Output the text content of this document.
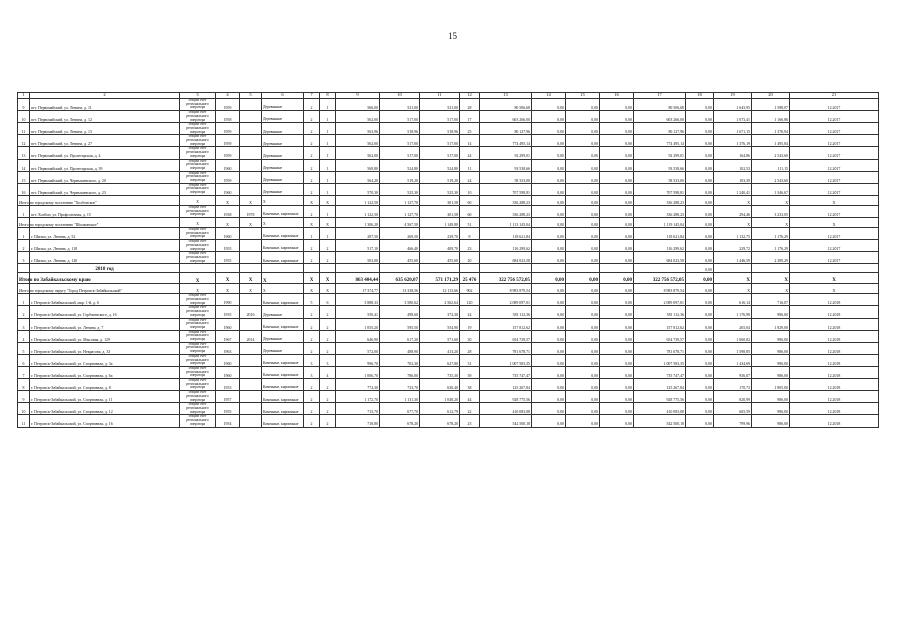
15
1	2	3	4	5	6	7	8	9	10	11	12	13	14	15	16	17	18	19	20	21
9	пгт. Первомайский, ул. Ленина, д. 11	общий счет регионального оператора	1959		Деревянные	2	1	566,00	521,00	521,00	28	80 506,68	0,00	0,00	0,00	80 506,68	0,00	1 643,95	1 588,07	12.2017
10	пгт. Первомайский, ул. Ленина, д. 12	общий счет регионального оператора	1958		Деревянные	2	1	562,00	517,00	517,00	17	603 266,00	0,00	0,00	0,00	603 266,00	0,00	1 073,41	1 166,86	12.2017
11	пгт. Первомайский, ул. Ленина, д. 13	общий счет регионального оператора	1959		Деревянные	2	1	563,96	518,96	518,96	25	80 127,96	0,00	0,00	0,00	80 127,96	0,00	1 671,15	1 376,94	12.2017
12	пгт. Первомайский, ул. Ленина, д. 27	общий счет регионального оператора	1959		Деревянные	2	1	562,00	517,00	517,00	14	774 495,14	0,00	0,00	0,00	774 495,14	0,00	1 376,19	1 495,84	12.2017
13	пгт. Первомайский, ул. Пролетарская, д. 4	общий счет регионального оператора	1959		Деревянные	2	1	562,00	517,00	517,00	24	92 299,01	0,00	0,00	0,00	92 299,01	0,00	164,86	2 543,60	12.2017
14	пгт. Первомайский, ул. Пролетарская, д. 39	общий счет регионального оператора	1960		Деревянные	2	1	569,80	524,80	524,80	11	93 538,66	0,00	0,00	0,00	93 538,66	0,00	102,53	111,15	12.2017
15	пгт. Первомайский, ул. Чернышевского, д. 20	общий счет регионального оператора	1959		Деревянные	2	1	564,20	519,20	519,20	24	58 333,00	0,00	0,00	0,00	58 333,00	0,00	103,39	2 543,60	12.2017
16	пгт. Первомайский, ул. Чернышевского, д. 23	общий счет регионального оператора	1960		Деревянные	2	1	570,30	525,30	525,30	10	707 598,81	0,00	0,00	0,00	707 598,81	0,00	1 240,41	1 346,67	12.2017
Итого по городскому поселению "Холбонское"		X	X	X	X	X	X	1 122,50	1 127,70	301,58	60	336 288,23	0,00	0,00	0,00	336 288,23	0,00	X	X	X
1	пгт. Холбон, ул. Профсоюзная, д. 15	общий счет регионального оператора	1938	1978	Каменные, кирпичные	2	1	1 122,50	1 127,70	301,58	60	336 288,23	0,00	0,00	0,00	336 288,23	0,00	294,46	3 233,05	12.2017
Итого по городскому поселению "Шилкинское"		X	X	X	X	X	X	1 306,20	4 567,50	1 149,80	51	1 113 145,04	0,00	0,00	0,00	1 119 145,04	0,00	X	X	X
1	г. Шилка, ул. Ленина, д. 52	общий счет регионального оператора	1960		Каменные, кирпичные	1	1	287,50	269,50	239,70	8	118 621,84	0,00	0,00	0,00	118 621,84	0,00	1 132,75	1 176,29	12.2017
2	г. Шилка, ул. Ленина, д. 118	общий счет регионального оператора	1955		Каменные, кирпичные	2	2	517,10	466,40	409,70	23	116 299,62	0,00	0,00	0,00	116 299,62	0,00	229,72	1 176,29	12.2017
3	г. Шилка, ул. Ленина, д. 120	общий счет регионального оператора	1955		Каменные, кирпичные	2	2	503,00	455,60	455,60	20	684 023,58	0,00	0,00	0,00	684 023,58	0,00	1 446,59	2 289,29	12.2017
	2018 год																0,00			
Итого по Забайкальскому краю		X	X	X	X	X	X	863 404,44	635 620,07	571 171,29	25 476	322 756 572,05	0,00	0,00	0,00	322 756 572,05	0,00	X	X	X
Итого по городскому округу "Город Петровск-Забайкальский"		X	X	X	X	X	X	17 374,77	13 338,56	12 113,66	902	8 983 879,54	0,00	0,00	0,00	8 983 879,54	0,00	X	X	X
1	г. Петровск-Забайкальский, мкр. 1-й, д. 6	общий счет регионального оператора	1990		Каменные, кирпичные	5	6	3 888,33	3 580,62	2 562,64	120	2 089 097,01	0,00	0,00	0,00	2 089 097,01	0,00	616,14	716,07	12.2018
2	г. Петровск-Забайкальский, ул. Горбачевского, д. 16	общий счет регионального оператора	1935	2016	Деревянные	2	2	550,41	498,60	372,30	24	581 112,36	0,00	0,00	0,00	581 112,36	0,00	1 176,98	986,00	12.2018
3	г. Петровск-Забайкальский, ул. Ленина, д. 7	общий счет регионального оператора	1960		Каменные, кирпичные	2	2	1 055,20	595,50	554,90	19	157 812,62	0,00	0,00	0,00	157 812,62	0,00	265,04	1 829,00	12.2018
4	г. Петровск-Забайкальский, ул. Мысовая, д. 129	общий счет регионального оператора	1967	2014	Деревянные	2	2	646,90	617,20	571,60	30	654 739,57	0,00	0,00	0,00	654 739,57	0,00	1 060,82	986,00	12.2018
5	г. Петровск-Забайкальский, ул. Некрасова, д. 33	общий счет регионального оператора	1963		Деревянные	2	2	572,00	488,90	413,20	28	781 678,71	0,00	0,00	0,00	781 678,71	0,00	1 598,85	986,00	12.2018
6	г. Петровск-Забайкальский, ул. Спортивная, д. 3а	общий счет регионального оператора	1960		Каменные, кирпичные	3	3	996,70	702,30	627,80	31	1 007 583,35	0,00	0,00	0,00	1 007 583,35	0,00	1 434,69	986,00	12.2018
7	г. Петровск-Забайкальский, ул. Спортивная, д. 6а	общий счет регионального оператора	1960		Каменные, кирпичные	3	4	1 006,70	786,00	735,30	39	735 747,47	0,00	0,00	0,00	735 747,47	0,00	936,07	986,00	12.2018
8	г. Петровск-Забайкальский, ул. Спортивная, д. 8	общий счет регионального оператора	1953		Каменные, кирпичные	2	2	772,30	733,70	630,40	38	125 267,84	0,00	0,00	0,00	125 267,84	0,00	170,73	1 805,00	12.2018
9	г. Петровск-Забайкальский, ул. Спортивная, д. 11	общий счет регионального оператора	1957		Каменные, кирпичные	2	2	1 172,70	1 131,30	1 048,20	44	928 775,56	0,00	0,00	0,00	928 775,56	0,00	820,99	986,00	12.2018
10	г. Петровск-Забайкальский, ул. Спортивная, д. 12	общий счет регионального оператора	1955		Каменные, кирпичные	2	2	715,70	677,70	612,79	22	410 083,08	0,00	0,00	0,00	410 083,08	0,00	605,59	986,00	12.2018
11	г. Петровск-Забайкальский, ул. Спортивная, д. 16	общий счет регионального оператора	1954		Каменные, кирпичные	2	2	718,80	678,20	678,20	23	542 500,18	0,00	0,00	0,00	542 500,18	0,00	799,96	986,00	12.2018
